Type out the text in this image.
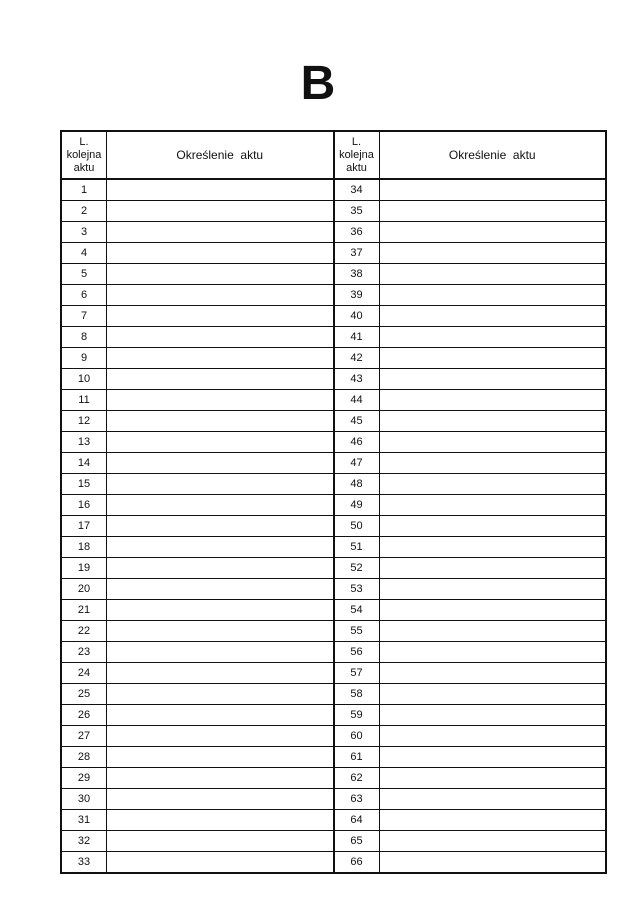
B
L. kolejna aktu
Określenie  aktu
1
2
3
4
5
6
7
8
9
10
11
12
13
14
15
16
17
18
19
20
21
22
23
24
25
26
27
28
29
30
31
32
33
L. kolejna aktu
Określenie  aktu
34
35
36
37
38
39
40
41
42
43
44
45
46
47
48
49
50
51
52
53
54
55
56
57
58
59
60
61
62
63
64
65
66
